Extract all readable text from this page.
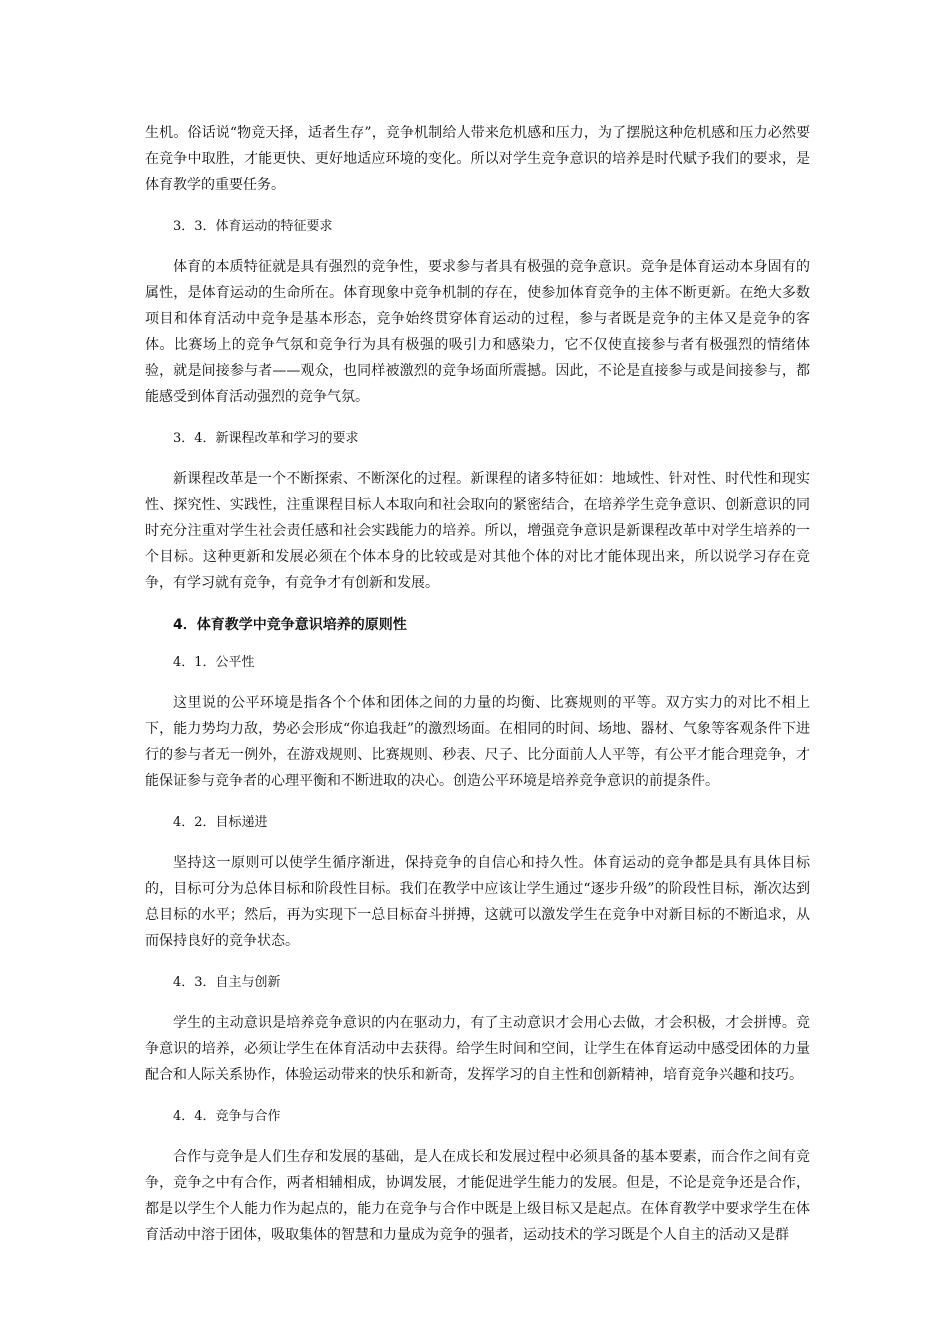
生机。俗话说“物竞天择，适者生存”，竞争机制给人带来危机感和压力，为了摆脱这种危机感和压力必然要在竞争中取胜，才能更快、更好地适应环境的变化。所以对学生竞争意识的培养是时代赋予我们的要求，是体育教学的重要任务。

3．3．体育运动的特征要求

体育的本质特征就是具有强烈的竞争性，要求参与者具有极强的竞争意识。竞争是体育运动本身固有的属性，是体育运动的生命所在。体育现象中竞争机制的存在，使参加体育竞争的主体不断更新。在绝大多数项目和体育活动中竞争是基本形态，竞争始终贯穿体育运动的过程，参与者既是竞争的主体又是竞争的客体。比赛场上的竞争气氛和竞争行为具有极强的吸引力和感染力，它不仅使直接参与者有极强烈的情绪体验，就是间接参与者——观众，也同样被激烈的竞争场面所震撼。因此，不论是直接参与或是间接参与，都能感受到体育活动强烈的竞争气氛。

3．4．新课程改革和学习的要求

新课程改革是一个不断探索、不断深化的过程。新课程的诸多特征如：地域性、针对性、时代性和现实性、探究性、实践性，注重课程目标人本取向和社会取向的紧密结合，在培养学生竞争意识、创新意识的同时充分注重对学生社会责任感和社会实践能力的培养。所以，增强竞争意识是新课程改革中对学生培养的一个目标。这种更新和发展必须在个体本身的比较或是对其他个体的对比才能体现出来，所以说学习存在竞争，有学习就有竞争，有竞争才有创新和发展。

4．体育教学中竞争意识培养的原则性

4．1．公平性

这里说的公平环境是指各个个体和团体之间的力量的均衡、比赛规则的平等。双方实力的对比不相上下，能力势均力敌，势必会形成“你追我赶”的激烈场面。在相同的时间、场地、器材、气象等客观条件下进行的参与者无一例外，在游戏规则、比赛规则、秒表、尺子、比分面前人人平等，有公平才能合理竞争，才能保证参与竞争者的心理平衡和不断进取的决心。创造公平环境是培养竞争意识的前提条件。

4．2．目标递进

坚持这一原则可以使学生循序渐进，保持竞争的自信心和持久性。体育运动的竞争都是具有具体目标的，目标可分为总体目标和阶段性目标。我们在教学中应该让学生通过“逐步升级”的阶段性目标，渐次达到总目标的水平；然后，再为实现下一总目标奋斗拼搏，这就可以激发学生在竞争中对新目标的不断追求，从而保持良好的竞争状态。

4．3．自主与创新

学生的主动意识是培养竞争意识的内在驱动力，有了主动意识才会用心去做，才会积极，才会拼博。竞争意识的培养，必须让学生在体育活动中去获得。给学生时间和空间，让学生在体育运动中感受团体的力量配合和人际关系协作，体验运动带来的快乐和新奇，发挥学习的自主性和创新精神，培育竞争兴趣和技巧。

4．4．竞争与合作

合作与竞争是人们生存和发展的基础，是人在成长和发展过程中必须具备的基本要素，而合作之间有竞争，竞争之中有合作，两者相辅相成，协调发展，才能促进学生能力的发展。但是，不论是竞争还是合作，都是以学生个人能力作为起点的，能力在竞争与合作中既是上级目标又是起点。在体育教学中要求学生在体育活动中溶于团体，吸取集体的智慧和力量成为竞争的强者，运动技术的学习既是个人自主的活动又是群
